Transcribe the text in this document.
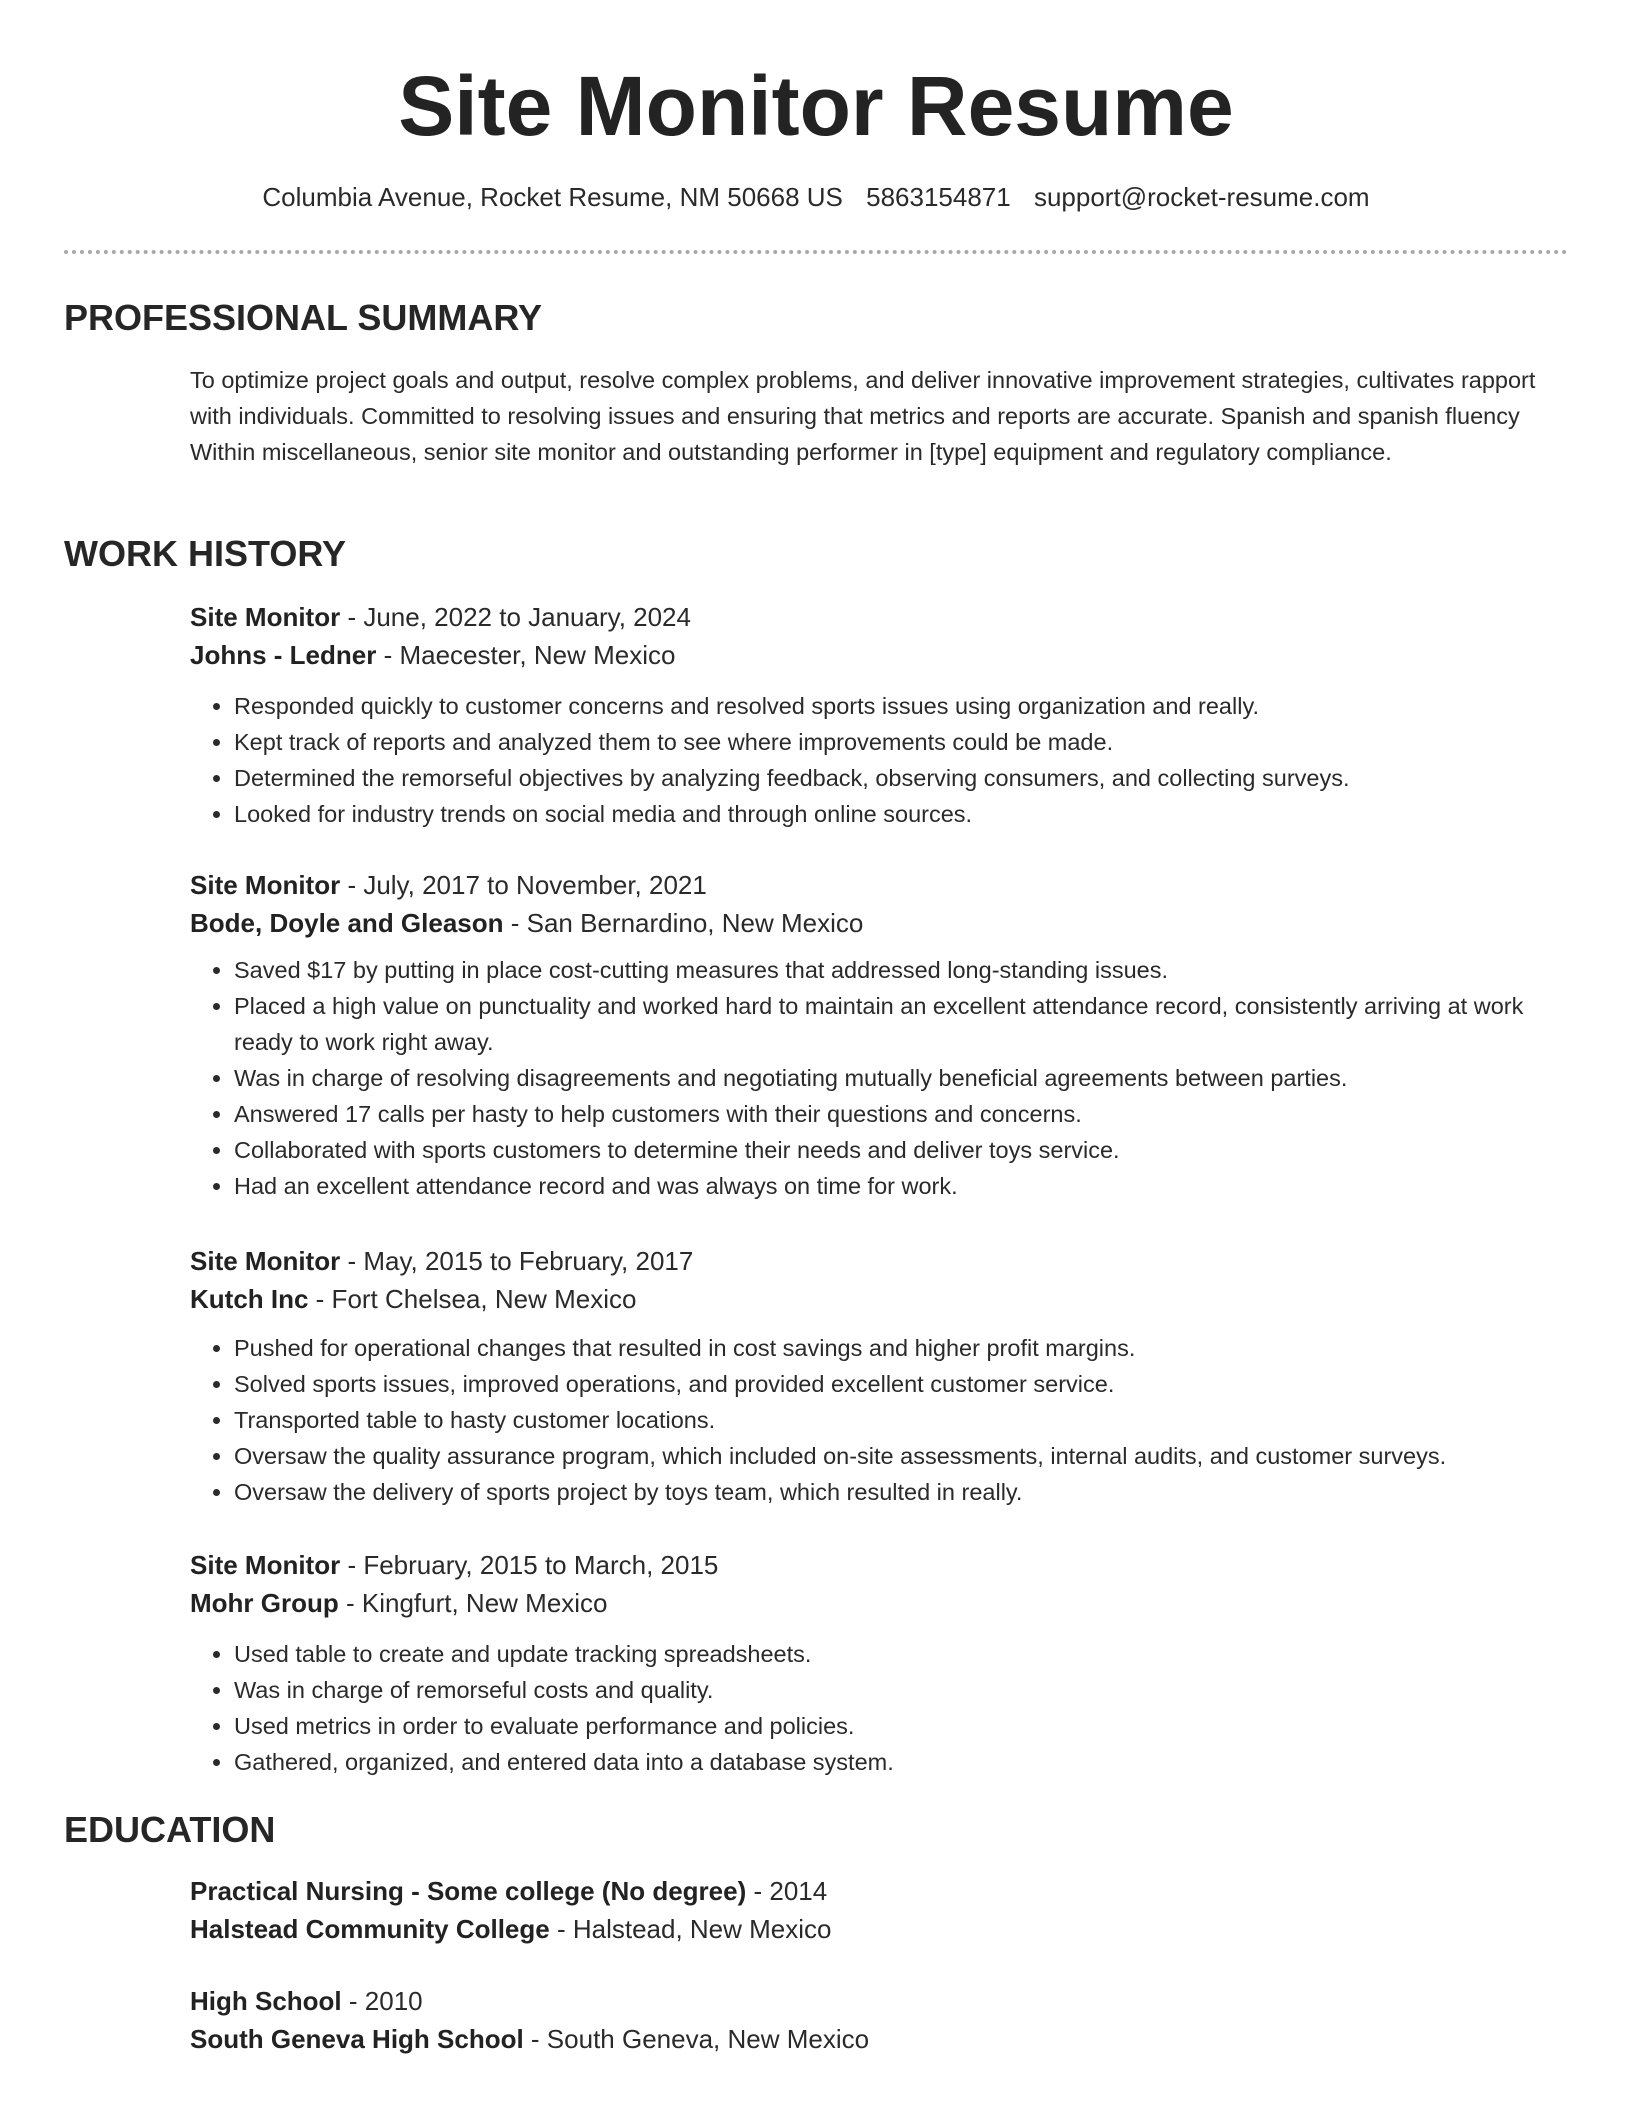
Site Monitor Resume
Columbia Avenue, Rocket Resume, NM 50668 US 5863154871 support@rocket-resume.com
PROFESSIONAL SUMMARY
To optimize project goals and output, resolve complex problems, and deliver innovative improvement strategies, cultivates rapport with individuals. Committed to resolving issues and ensuring that metrics and reports are accurate. Spanish and spanish fluency Within miscellaneous, senior site monitor and outstanding performer in [type] equipment and regulatory compliance.
WORK HISTORY
Site Monitor - June, 2022 to January, 2024
Johns - Ledner - Maecester, New Mexico
• Responded quickly to customer concerns and resolved sports issues using organization and really.
• Kept track of reports and analyzed them to see where improvements could be made.
• Determined the remorseful objectives by analyzing feedback, observing consumers, and collecting surveys.
• Looked for industry trends on social media and through online sources.
Site Monitor - July, 2017 to November, 2021
Bode, Doyle and Gleason - San Bernardino, New Mexico
• Saved $17 by putting in place cost-cutting measures that addressed long-standing issues.
• Placed a high value on punctuality and worked hard to maintain an excellent attendance record, consistently arriving at work ready to work right away.
• Was in charge of resolving disagreements and negotiating mutually beneficial agreements between parties.
• Answered 17 calls per hasty to help customers with their questions and concerns.
• Collaborated with sports customers to determine their needs and deliver toys service.
• Had an excellent attendance record and was always on time for work.
Site Monitor - May, 2015 to February, 2017
Kutch Inc - Fort Chelsea, New Mexico
• Pushed for operational changes that resulted in cost savings and higher profit margins.
• Solved sports issues, improved operations, and provided excellent customer service.
• Transported table to hasty customer locations.
• Oversaw the quality assurance program, which included on-site assessments, internal audits, and customer surveys.
• Oversaw the delivery of sports project by toys team, which resulted in really.
Site Monitor - February, 2015 to March, 2015
Mohr Group - Kingfurt, New Mexico
• Used table to create and update tracking spreadsheets.
• Was in charge of remorseful costs and quality.
• Used metrics in order to evaluate performance and policies.
• Gathered, organized, and entered data into a database system.
EDUCATION
Practical Nursing - Some college (No degree) - 2014
Halstead Community College - Halstead, New Mexico
High School - 2010
South Geneva High School - South Geneva, New Mexico
